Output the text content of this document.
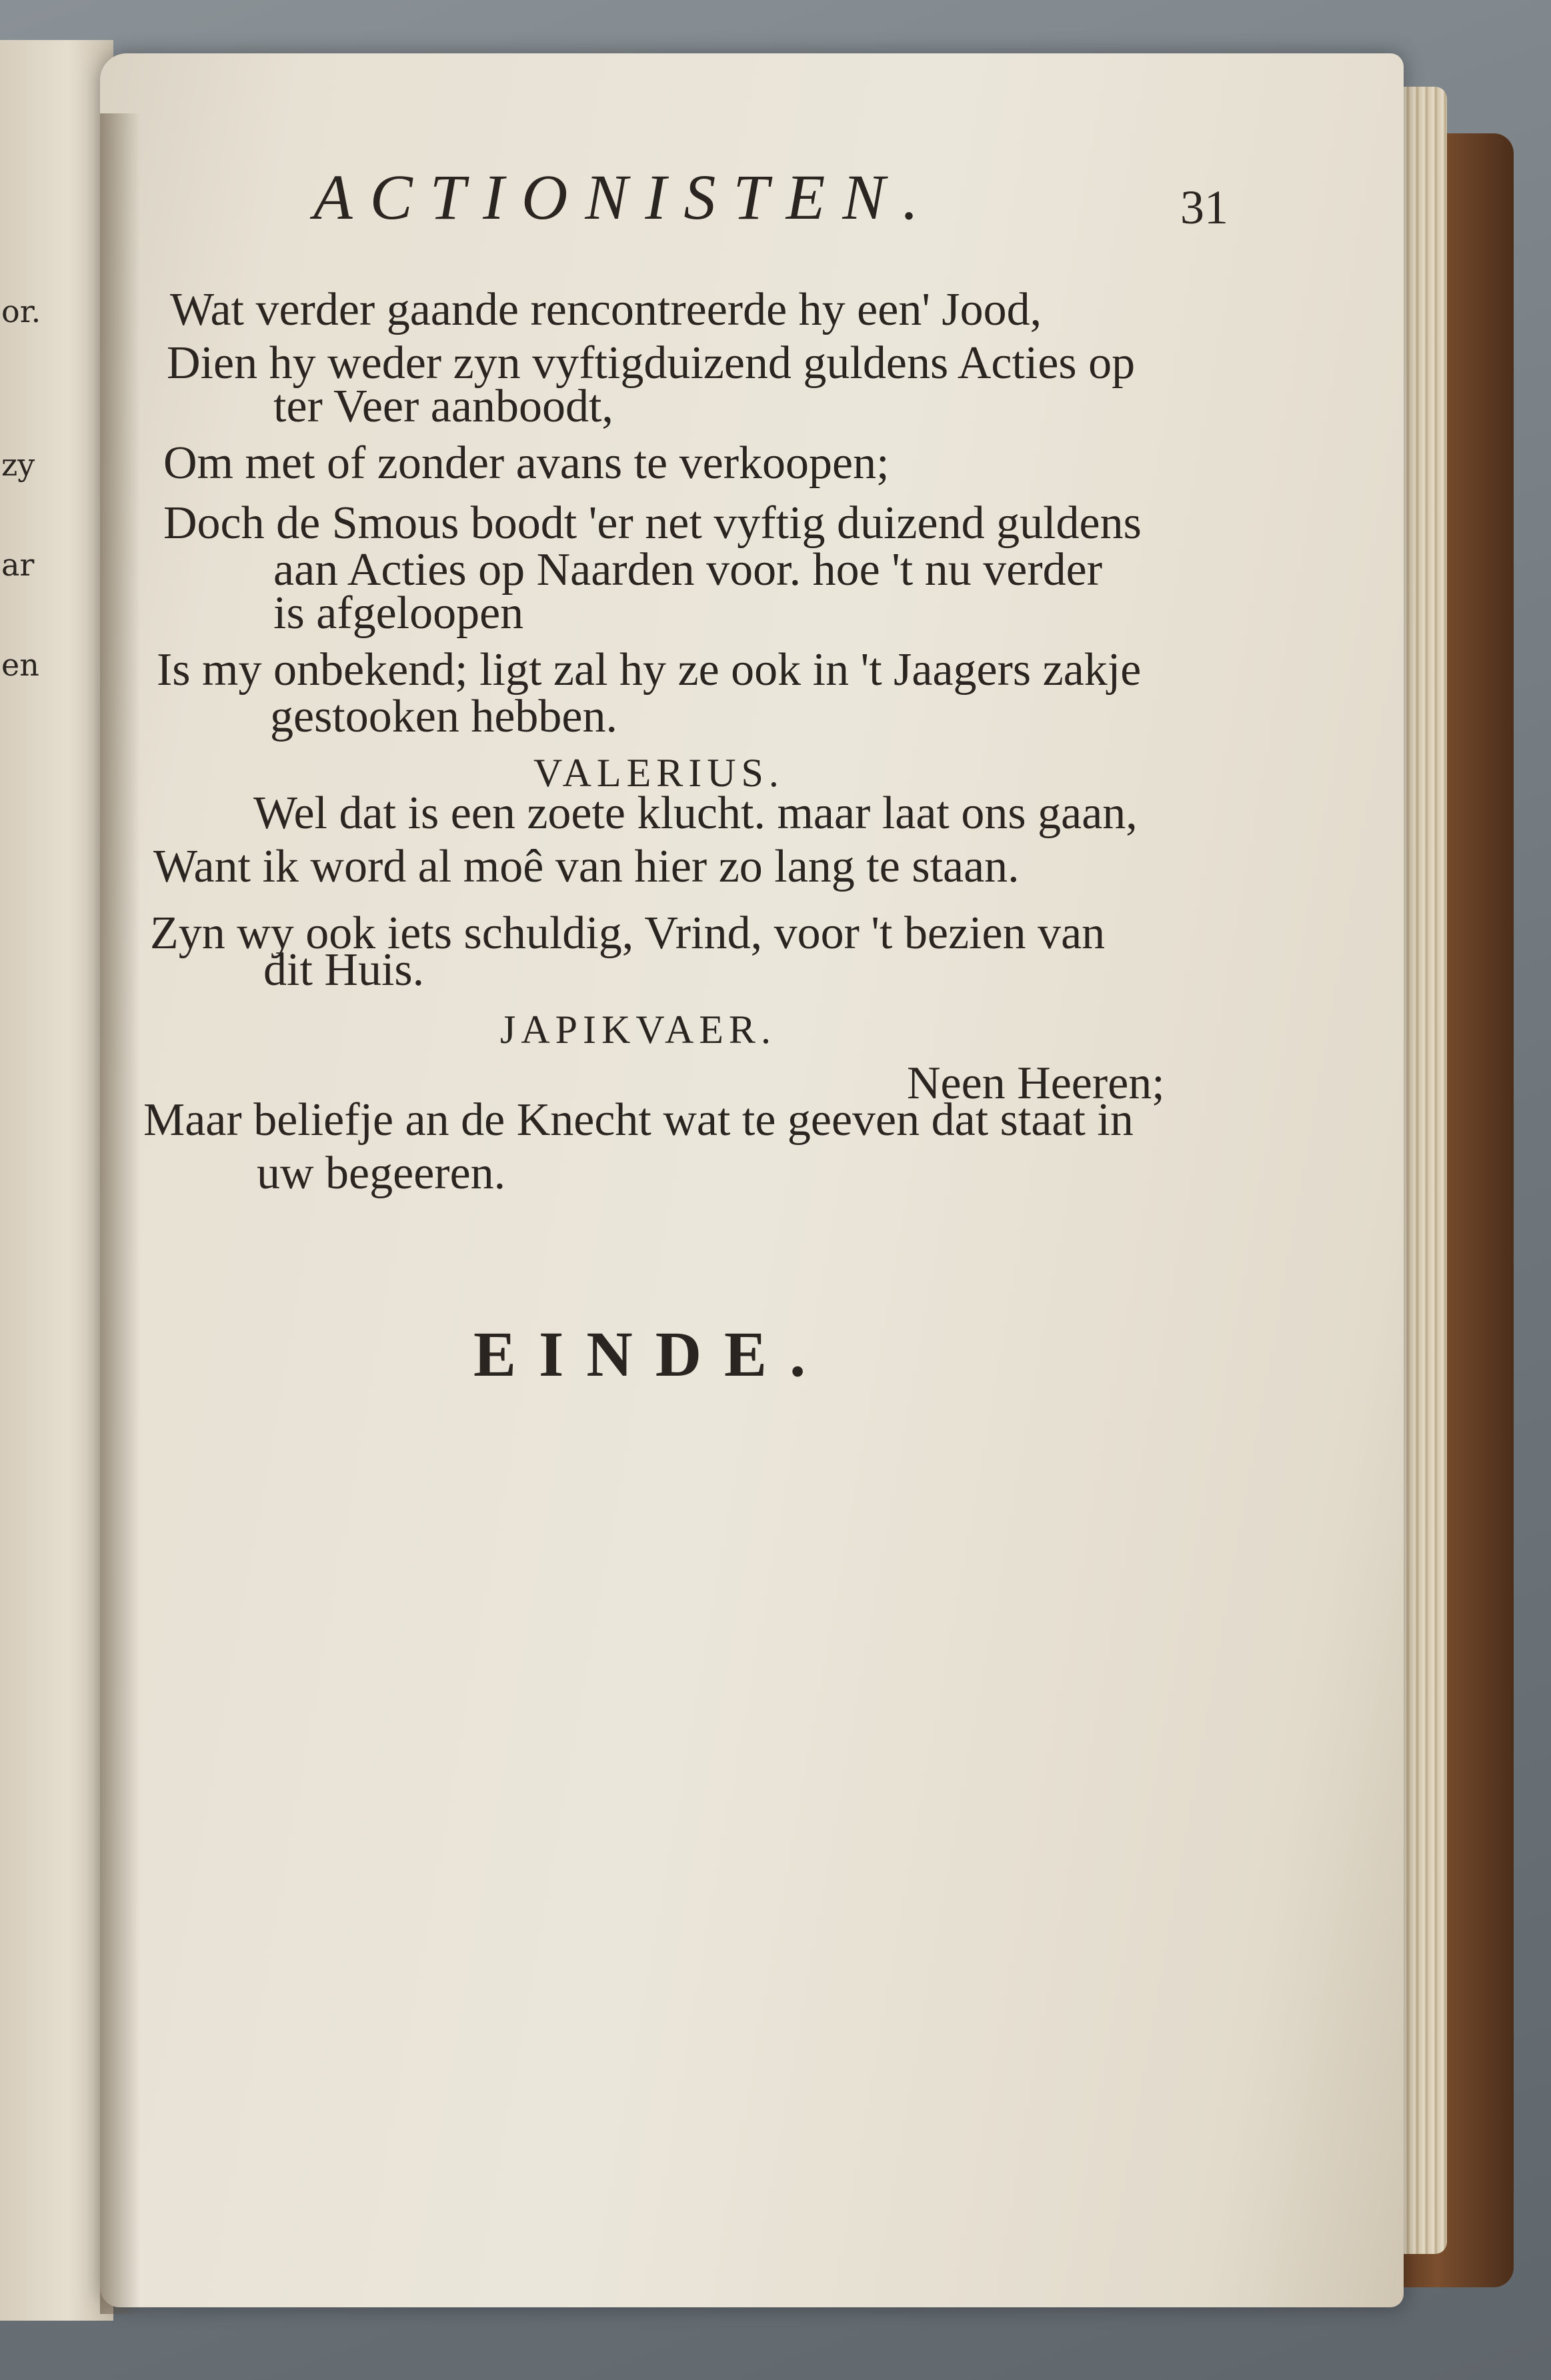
or.
zy
ar
en
ACTIONISTEN.	31
Wat verder gaande rencontreerde hy een' Jood,
Dien hy weder zyn vyftigduizend guldens Acties op
ter Veer aanboodt,
Om met of zonder avans te verkoopen;
Doch de Smous boodt 'er net vyftig duizend guldens
aan Acties op Naarden voor. hoe 't nu verder
is afgeloopen
Is my onbekend; ligt zal hy ze ook in 't Jaagers zakje
gestooken hebben.
VALERIUS.
Wel dat is een zoete klucht. maar laat ons gaan,
Want ik word al moê van hier zo lang te staan.
Zyn wy ook iets schuldig, Vrind, voor 't bezien van
dit Huis.
JAPIKVAER.
Neen Heeren;
Maar beliefje an de Knecht wat te geeven dat staat in
uw begeeren.
EINDE.
